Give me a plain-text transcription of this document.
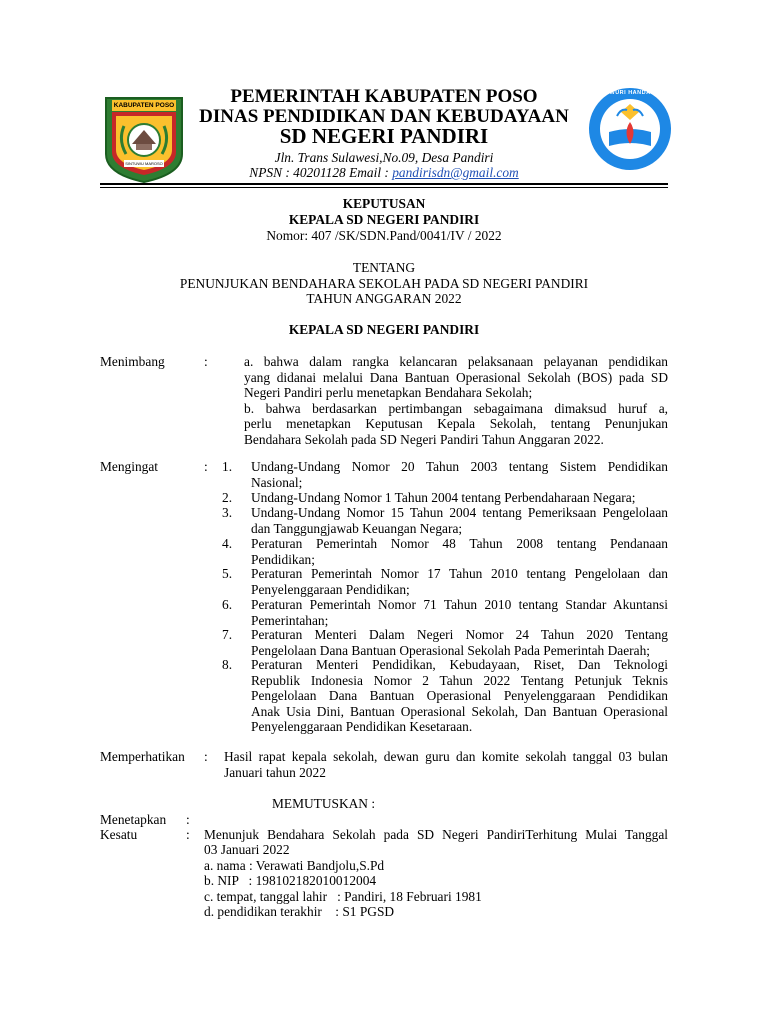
KABUPATEN POSO
SINTUWU MAROSO
TUT WURI HANDAYANI
PEMERINTAH KABUPATEN POSO
DINAS PENDIDIKAN DAN KEBUDAYAAN
SD NEGERI PANDIRI
Jln. Trans Sulawesi,No.09, Desa Pandiri
NPSN : 40201128 Email : pandirisdn@gmail.com
KEPUTUSAN
KEPALA SD NEGERI PANDIRI
Nomor: 407 /SK/SDN.Pand/0041/IV / 2022
TENTANG
PENUNJUKAN BENDAHARA SEKOLAH PADA SD NEGERI PANDIRI
TAHUN ANGGARAN 2022
KEPALA SD NEGERI PANDIRI
Menimbang	:	a. bahwa dalam rangka kelancaran pelaksanaan pelayanan pendidikan
yang didanai melalui Dana Bantuan Operasional Sekolah (BOS) pada SD
Negeri Pandiri perlu menetapkan Bendahara Sekolah;
b. bahwa berdasarkan pertimbangan sebagaimana dimaksud huruf a,
perlu menetapkan Keputusan Kepala Sekolah, tentang Penunjukan
Bendahara Sekolah pada SD Negeri Pandiri Tahun Anggaran 2022.
Mengingat	: 1.	Undang-Undang Nomor 20 Tahun 2003 tentang Sistem Pendidikan
Nasional;
2.	Undang-Undang Nomor 1 Tahun 2004 tentang Perbendaharaan Negara;
3.	Undang-Undang Nomor 15 Tahun 2004 tentang Pemeriksaan Pengelolaan
dan Tanggungjawab Keuangan Negara;
4.	Peraturan Pemerintah Nomor 48 Tahun 2008 tentang Pendanaan
Pendidikan;
5.	Peraturan Pemerintah Nomor 17 Tahun 2010 tentang Pengelolaan dan
Penyelenggaraan Pendidikan;
6.	Peraturan Pemerintah Nomor 71 Tahun 2010 tentang Standar Akuntansi
Pemerintahan;
7.	Peraturan Menteri Dalam Negeri Nomor 24 Tahun 2020 Tentang
Pengelolaan Dana Bantuan Operasional Sekolah Pada Pemerintah Daerah;
8.	Peraturan Menteri Pendidikan, Kebudayaan, Riset, Dan Teknologi
Republik Indonesia Nomor 2 Tahun 2022 Tentang Petunjuk Teknis
Pengelolaan Dana Bantuan Operasional Penyelenggaraan Pendidikan
Anak Usia Dini, Bantuan Operasional Sekolah, Dan Bantuan Operasional
Penyelenggaraan Pendidikan Kesetaraan.
Memperhatikan : Hasil rapat kepala sekolah, dewan guru dan komite sekolah tanggal 03 bulan
Januari tahun 2022
MEMUTUSKAN :
Menetapkan :
Kesatu	: Menunjuk Bendahara Sekolah pada SD Negeri PandiriTerhitung Mulai Tanggal
03 Januari 2022
a. nama : Verawati Bandjolu,S.Pd
b. NIP   : 198102182010012004
c. tempat, tanggal lahir   : Pandiri, 18 Februari 1981
d. pendidikan terakhir    : S1 PGSD
